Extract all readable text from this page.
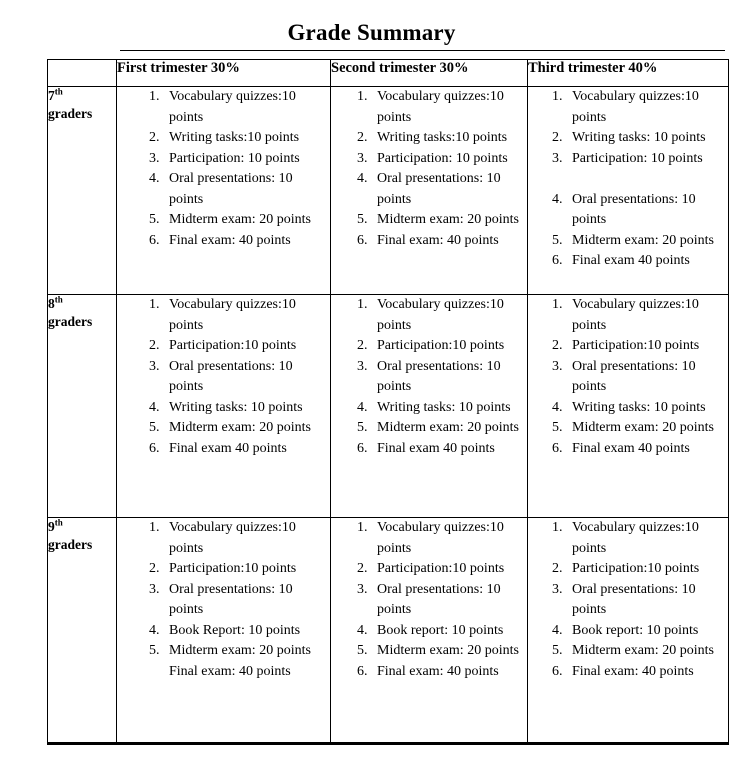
Grade Summary
	First trimester 30%	Second trimester 30%	Third trimester 40%
7th
graders	
1. Vocabulary quizzes:10 points
2. Writing tasks:10 points
3. Participation: 10 points
4. Oral presentations: 10 points
5. Midterm exam: 20 points
6. Final exam: 40 points

1. Vocabulary quizzes:10 points
2. Writing tasks:10 points
3. Participation: 10 points
4. Oral presentations: 10 points
5. Midterm exam: 20 points
6. Final exam: 40 points

1. Vocabulary quizzes:10 points
2. Writing tasks: 10 points
3. Participation: 10 points
4. Oral presentations: 10 points
5. Midterm exam: 20 points
6. Final exam 40 points

8th
graders	
1. Vocabulary quizzes:10 points
2. Participation:10 points
3. Oral presentations: 10 points
4. Writing tasks: 10 points
5. Midterm exam: 20 points
6. Final exam 40 points

1. Vocabulary quizzes:10 points
2. Participation:10 points
3. Oral presentations: 10 points
4. Writing tasks: 10 points
5. Midterm exam: 20 points
6. Final exam 40 points

1. Vocabulary quizzes:10 points
2. Participation:10 points
3. Oral presentations: 10 points
4. Writing tasks: 10 points
5. Midterm exam: 20 points
6. Final exam 40 points

9th
graders	
1. Vocabulary quizzes:10 points
2. Participation:10 points
3. Oral presentations: 10 points
4. Book Report: 10 points
5. Midterm exam: 20 points
Final exam: 40 points

1. Vocabulary quizzes:10 points
2. Participation:10 points
3. Oral presentations: 10 points
4. Book report: 10 points
5. Midterm exam: 20 points
6. Final exam: 40 points

1. Vocabulary quizzes:10 points
2. Participation:10 points
3. Oral presentations: 10 points
4. Book report: 10 points
5. Midterm exam: 20 points
6. Final exam: 40 points
